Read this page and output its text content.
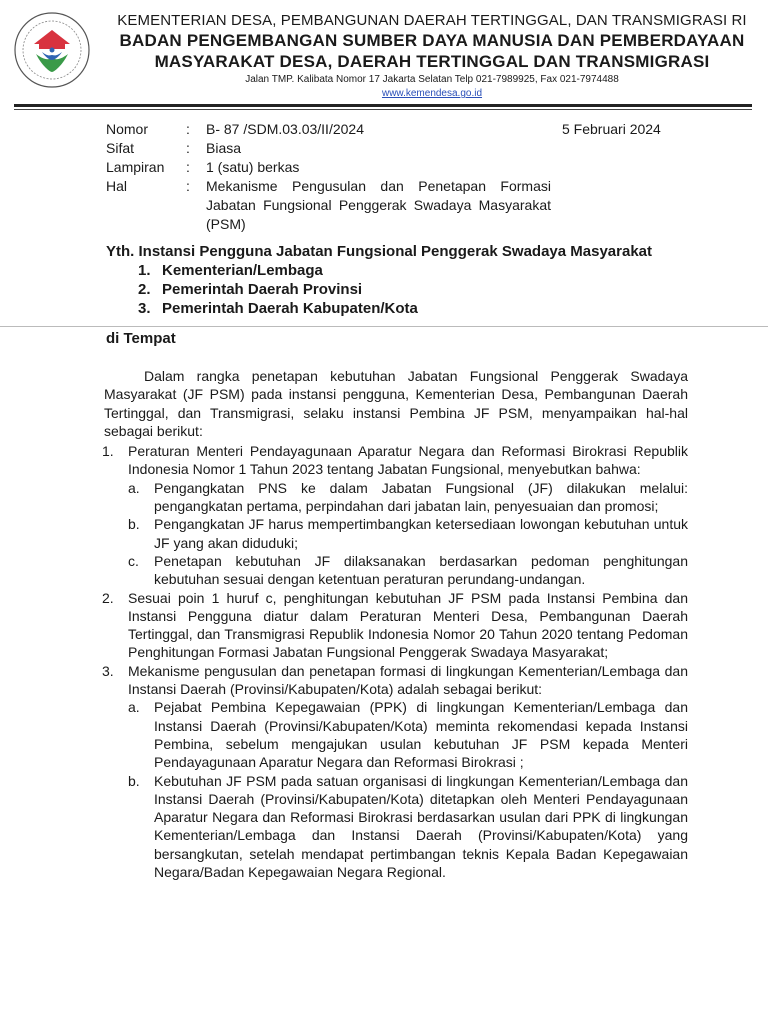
KEMENTERIAN DESA, PEMBANGUNAN DAERAH TERTINGGAL, DAN TRANSMIGRASI RI
BADAN PENGEMBANGAN SUMBER DAYA MANUSIA DAN PEMBERDAYAAN
MASYARAKAT DESA, DAERAH TERTINGGAL DAN TRANSMIGRASI
Jalan TMP. Kalibata Nomor 17 Jakarta Selatan Telp 021-7989925, Fax 021-7974488
www.kemendesa.go.id
Nomor	:	B- 87 /SDM.03.03/II/2024
Sifat	:	Biasa
Lampiran	:	1 (satu) berkas
Hal	:	Mekanisme Pengusulan dan Penetapan Formasi Jabatan Fungsional Penggerak Swadaya Masyarakat (PSM)
5 Februari 2024
Yth. Instansi Pengguna Jabatan Fungsional Penggerak Swadaya Masyarakat
1. Kementerian/Lembaga
2. Pemerintah Daerah Provinsi
3. Pemerintah Daerah Kabupaten/Kota
di Tempat

Dalam rangka penetapan kebutuhan Jabatan Fungsional Penggerak Swadaya Masyarakat (JF PSM) pada instansi pengguna, Kementerian Desa, Pembangunan Daerah Tertinggal, dan Transmigrasi, selaku instansi Pembina JF PSM, menyampaikan hal-hal sebagai berikut:

1. Peraturan Menteri Pendayagunaan Aparatur Negara dan Reformasi Birokrasi Republik Indonesia Nomor 1 Tahun 2023 tentang Jabatan Fungsional, menyebutkan bahwa:

a. Pengangkatan PNS ke dalam Jabatan Fungsional (JF) dilakukan melalui: pengangkatan pertama, perpindahan dari jabatan lain, penyesuaian dan promosi;

b. Pengangkatan JF harus mempertimbangkan ketersediaan lowongan kebutuhan untuk JF yang akan diduduki;

c. Penetapan kebutuhan JF dilaksanakan berdasarkan pedoman penghitungan kebutuhan sesuai dengan ketentuan peraturan perundang-undangan.

2. Sesuai poin 1 huruf c, penghitungan kebutuhan JF PSM pada Instansi Pembina dan Instansi Pengguna diatur dalam Peraturan Menteri Desa, Pembangunan Daerah Tertinggal, dan Transmigrasi Republik Indonesia Nomor 20 Tahun 2020 tentang Pedoman Penghitungan Formasi Jabatan Fungsional Penggerak Swadaya Masyarakat;

3. Mekanisme pengusulan dan penetapan formasi di lingkungan Kementerian/Lembaga dan Instansi Daerah (Provinsi/Kabupaten/Kota) adalah sebagai berikut:

a. Pejabat Pembina Kepegawaian (PPK) di lingkungan Kementerian/Lembaga dan Instansi Daerah (Provinsi/Kabupaten/Kota) meminta rekomendasi kepada Instansi Pembina, sebelum mengajukan usulan kebutuhan JF PSM kepada Menteri Pendayagunaan Aparatur Negara dan Reformasi Birokrasi ;

b. Kebutuhan JF PSM pada satuan organisasi di lingkungan Kementerian/Lembaga dan Instansi Daerah (Provinsi/Kabupaten/Kota) ditetapkan oleh Menteri Pendayagunaan Aparatur Negara dan Reformasi Birokrasi berdasarkan usulan dari PPK di lingkungan Kementerian/Lembaga dan Instansi Daerah (Provinsi/Kabupaten/Kota) yang bersangkutan, setelah mendapat pertimbangan teknis Kepala Badan Kepegawaian Negara/Badan Kepegawaian Negara Regional.
